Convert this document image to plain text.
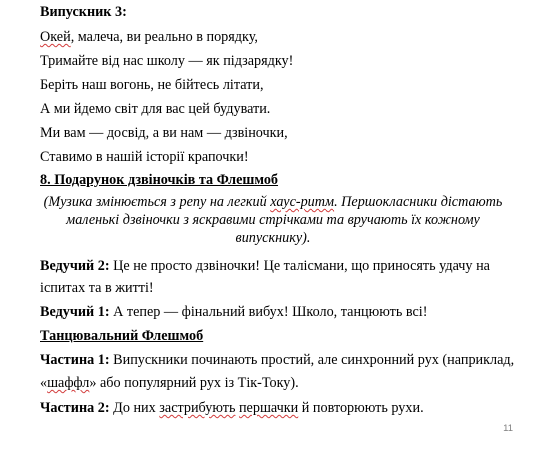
Випускник 3:
Окей, малеча, ви реально в порядку,
Тримайте від нас школу — як підзарядку!
Беріть наш вогонь, не бійтесь літати,
А ми йдемо світ для вас цей будувати.
Ми вам — досвід, а ви нам — дзвіночки,
Ставимо в нашій історії крапочки!
8. Подарунок дзвіночків та Флешмоб
(Музика змінюється з репу на легкий хаус-ритм. Першокласники дістають
маленькі дзвіночки з яскравими стрічками та вручають їх кожному
випускнику).
Ведучий 2: Це не просто дзвіночки! Це талісмани, що приносять удачу на
іспитах та в житті!
Ведучий 1: А тепер — фінальний вибух! Школо, танцюють всі!
Танцювальний Флешмоб
Частина 1: Випускники починають простий, але синхронний рух (наприклад,
«шаффл» або популярний рух із Тік-Току).
Частина 2: До них застрибують першачки й повторюють рухи.
11
